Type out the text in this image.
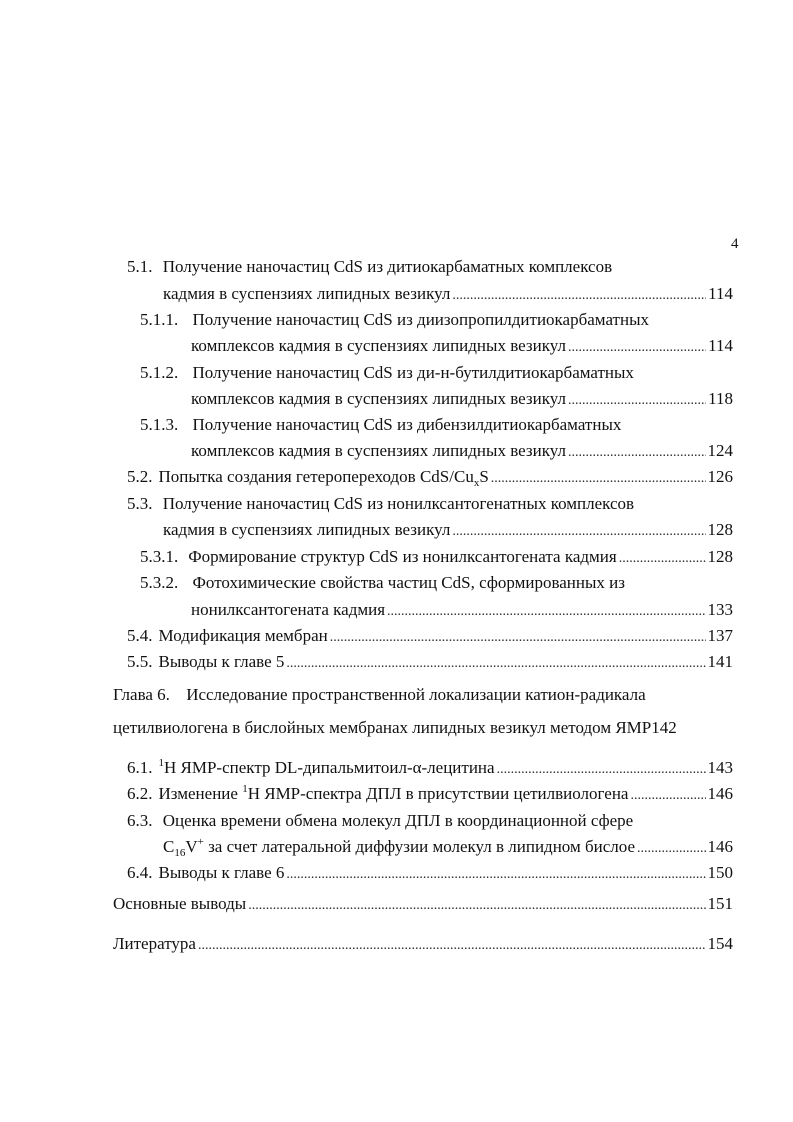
4
5.1. Получение наночастиц CdS из дитиокарбаматных комплексов
кадмия в суспензиях липидных везикул .....	114
5.1.1. Получение наночастиц CdS из диизопропилдитиокарбаматных
комплексов кадмия в суспензиях липидных везикул .....	114
5.1.2. Получение наночастиц CdS из ди-н-бутилдитиокарбаматных
комплексов кадмия в суспензиях липидных везикул .....	118
5.1.3. Получение наночастиц CdS из дибензилдитиокарбаматных
комплексов кадмия в суспензиях липидных везикул .....	124
5.2. Попытка создания гетеропереходов CdS/$Cu_xS$ .....	126
5.3. Получение наночастиц CdS из нонилксантогенатных комплексов
кадмия в суспензиях липидных везикул .....	128
5.3.1. Формирование структур CdS из нонилксантогената кадмия .....	128
5.3.2. Фотохимические свойства частиц CdS, сформированных из
нонилксантогената кадмия .....	133
5.4. Модификация мембран .....	137
5.5. Выводы к главе 5 .....	141
Глава 6. Исследование пространственной локализации катион-радикала
цетилвиологена в бислойных мембранах липидных везикул методом ЯМР142
6.1. $^1$Н ЯМР-спектр DL-дипальмитоил-α-лецитина .....	143
6.2. Изменение $^1$Н ЯМР-спектра ДПЛ в присутствии цетилвиологена .....	146
6.3. Оценка времени обмена молекул ДПЛ в координационной сфере
$C_{16}V^+$ за счет латеральной диффузии молекул в липидном бислое .....	146
6.4. Выводы к главе 6 .....	150
Основные выводы .....	151
Литература .....	154
